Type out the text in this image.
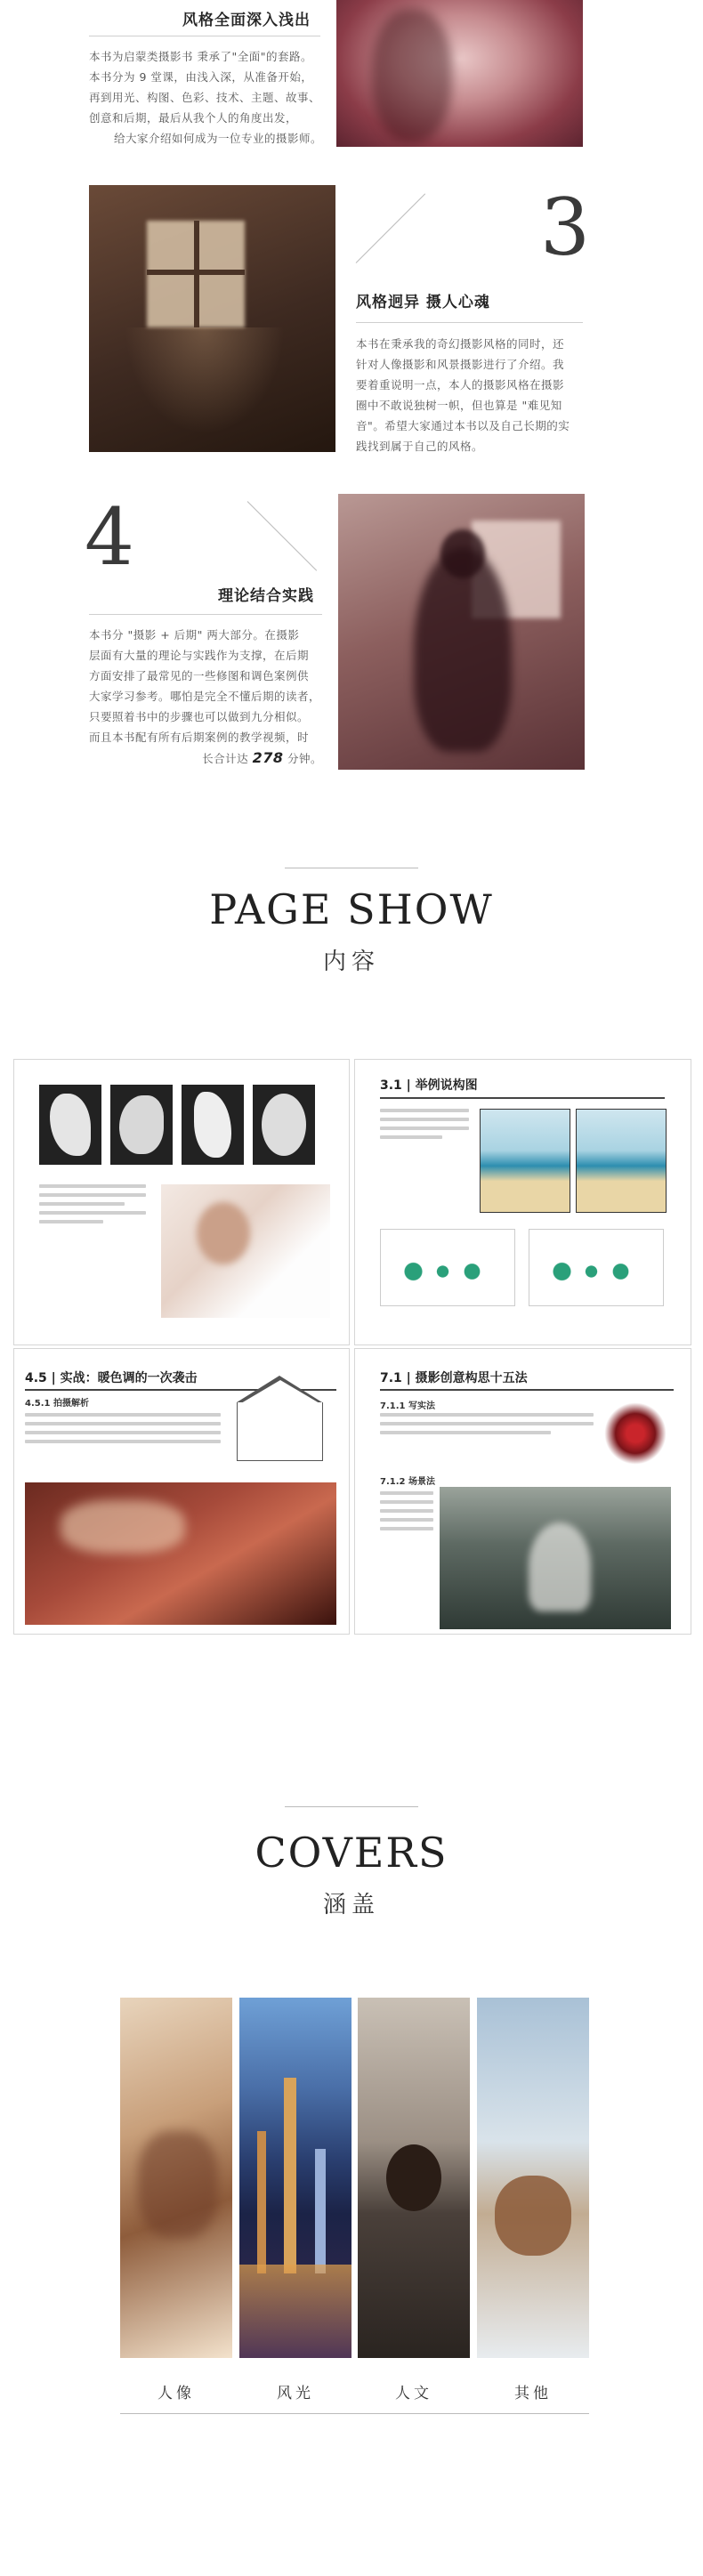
风格全面深入浅出
本书为启蒙类摄影书 秉承了"全面"的套路。
本书分为 9 堂课，由浅入深，从准备开始，
再到用光、构图、色彩、技术、主题、故事、
创意和后期，最后从我个人的角度出发，
给大家介绍如何成为一位专业的摄影师。
3
风格迥异 摄人心魂
本书在秉承我的奇幻摄影风格的同时，还
针对人像摄影和风景摄影进行了介绍。我
要着重说明一点，本人的摄影风格在摄影
圈中不敢说独树一帜，但也算是 "难见知
音"。希望大家通过本书以及自己长期的实
践找到属于自己的风格。
4
理论结合实践
本书分 "摄影 + 后期" 两大部分。在摄影
层面有大量的理论与实践作为支撑，在后期
方面安排了最常见的一些修图和调色案例供
大家学习参考。哪怕是完全不懂后期的读者，
只要照着书中的步骤也可以做到九分相似。
而且本书配有所有后期案例的教学视频，时
长合计达 278 分钟。
PAGE SHOW
内容
3.1 | 举例说构图
4.5 | 实战：暖色调的一次袭击
4.5.1 拍摄解析
7.1 | 摄影创意构思十五法
7.1.1 写实法
7.1.2 场景法
COVERS
涵盖
人像	风光	人文	其他
